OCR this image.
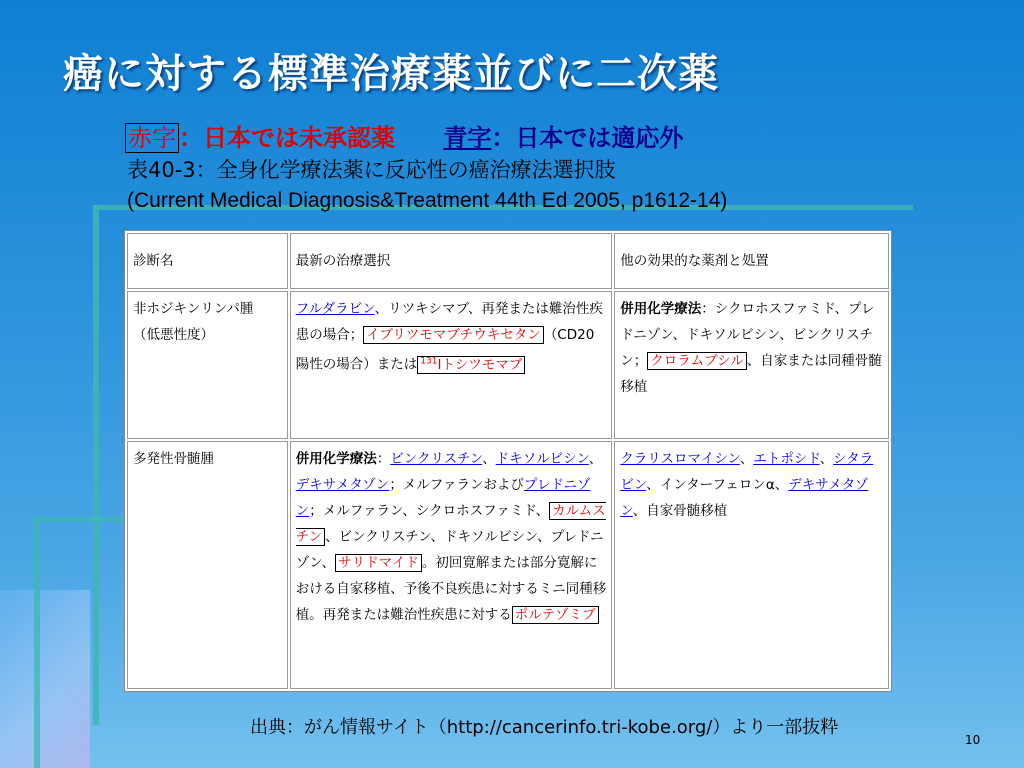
癌に対する標準治療薬並びに二次薬
赤字 ：日本では未承認薬 青字：日本では適応外

表40-3：全身化学療法薬に反応性の癌治療法選択肢

(Current Medical Diagnosis&Treatment 44th Ed 2005, p1612-14)

診断名	最新の治療選択	他の効果的な薬剤と処置

非ホジキンリンパ腫
（低悪性度）	フルダラビン、リツキシマブ、再発または難治性疾患の場合； イブリツモマブチウキセタン （CD20 陽性の場合）または $^{131}$Iトシツモマブ	併用化学療法：シクロホスファミド、プレドニゾン、ドキソルビシン、ビンクリスチン； クロラムブシル 、自家または同種骨髄移植

多発性骨髄腫	併用化学療法：ビンクリスチン、ドキソルビシン、デキサメタゾン；メルファランおよびプレドニゾン；メルファラン、シクロホスファミド、 カルムスチン 、ビンクリスチン、ドキソルビシン、プレドニゾン、 サリドマイド 。初回寛解または部分寛解における自家移植、予後不良疾患に対するミニ同種移植。再発または難治性疾患に対する ポルテゾミブ	クラリスロマイシン、エトポシド、シタラビン、インターフェロンα、デキサメタゾン、自家骨髄移植
出典：がん情報サイト（http://cancerinfo.tri-kobe.org/）より一部抜粋
10
